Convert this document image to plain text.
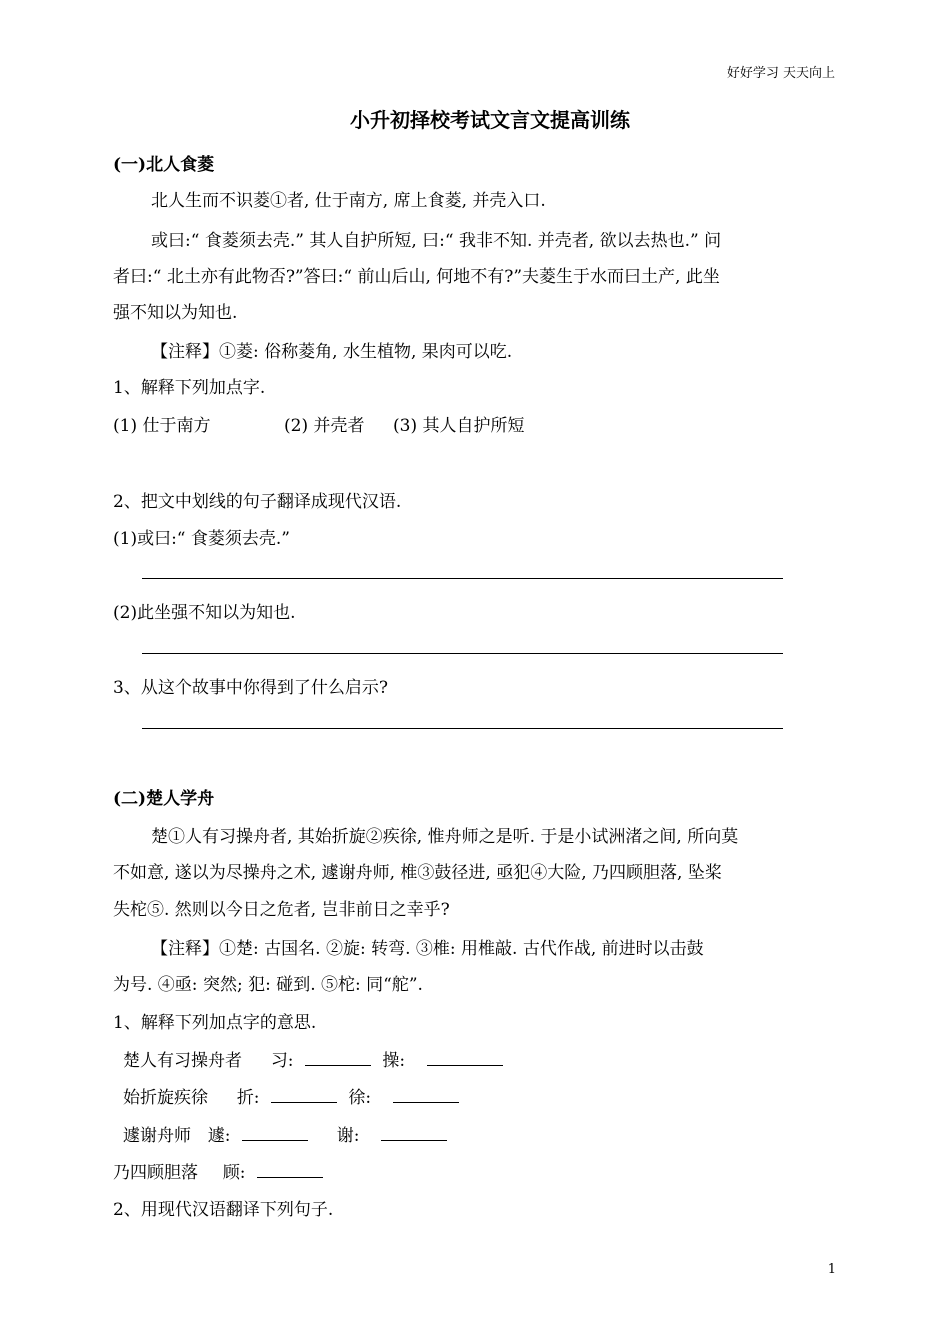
好好学习 天天向上
小升初择校考试文言文提高训练
(一)北人食菱
北人生而不识菱①者, 仕于南方, 席上食菱, 并壳入口.
或曰:“ 食菱须去壳.” 其人自护所短, 曰:“ 我非不知. 并壳者, 欲以去热也.” 问
者曰:“ 北土亦有此物否?”答曰:“ 前山后山, 何地不有?”夫菱生于水而曰土产, 此坐
强不知以为知也.
【注释】①菱: 俗称菱角, 水生植物, 果肉可以吃.
1、解释下列加点字.
(1) 仕于南方	(2) 并壳者 (3) 其人自护所短
2、把文中划线的句子翻译成现代汉语.
(1)或曰:“ 食菱须去壳.”
(2)此坐强不知以为知也.
3、从这个故事中你得到了什么启示?
(二)楚人学舟
楚①人有习操舟者, 其始折旋②疾徐, 惟舟师之是听. 于是小试洲渚之间, 所向莫
不如意, 遂以为尽操舟之术, 遽谢舟师, 椎③鼓径进, 亟犯④大险, 乃四顾胆落, 坠桨
失柁⑤. 然则以今日之危者, 岂非前日之幸乎?
【注释】①楚: 古国名. ②旋: 转弯. ③椎: 用椎敲. 古代作战, 前进时以击鼓
为号. ④亟: 突然; 犯: 碰到. ⑤柁: 同“舵”.
1、解释下列加点字的意思.
楚人有习操舟者 习:	操:
始折旋疾徐 折:	徐:
遽谢舟师 遽:	谢:
乃四顾胆落 顾:
2、用现代汉语翻译下列句子.
1
